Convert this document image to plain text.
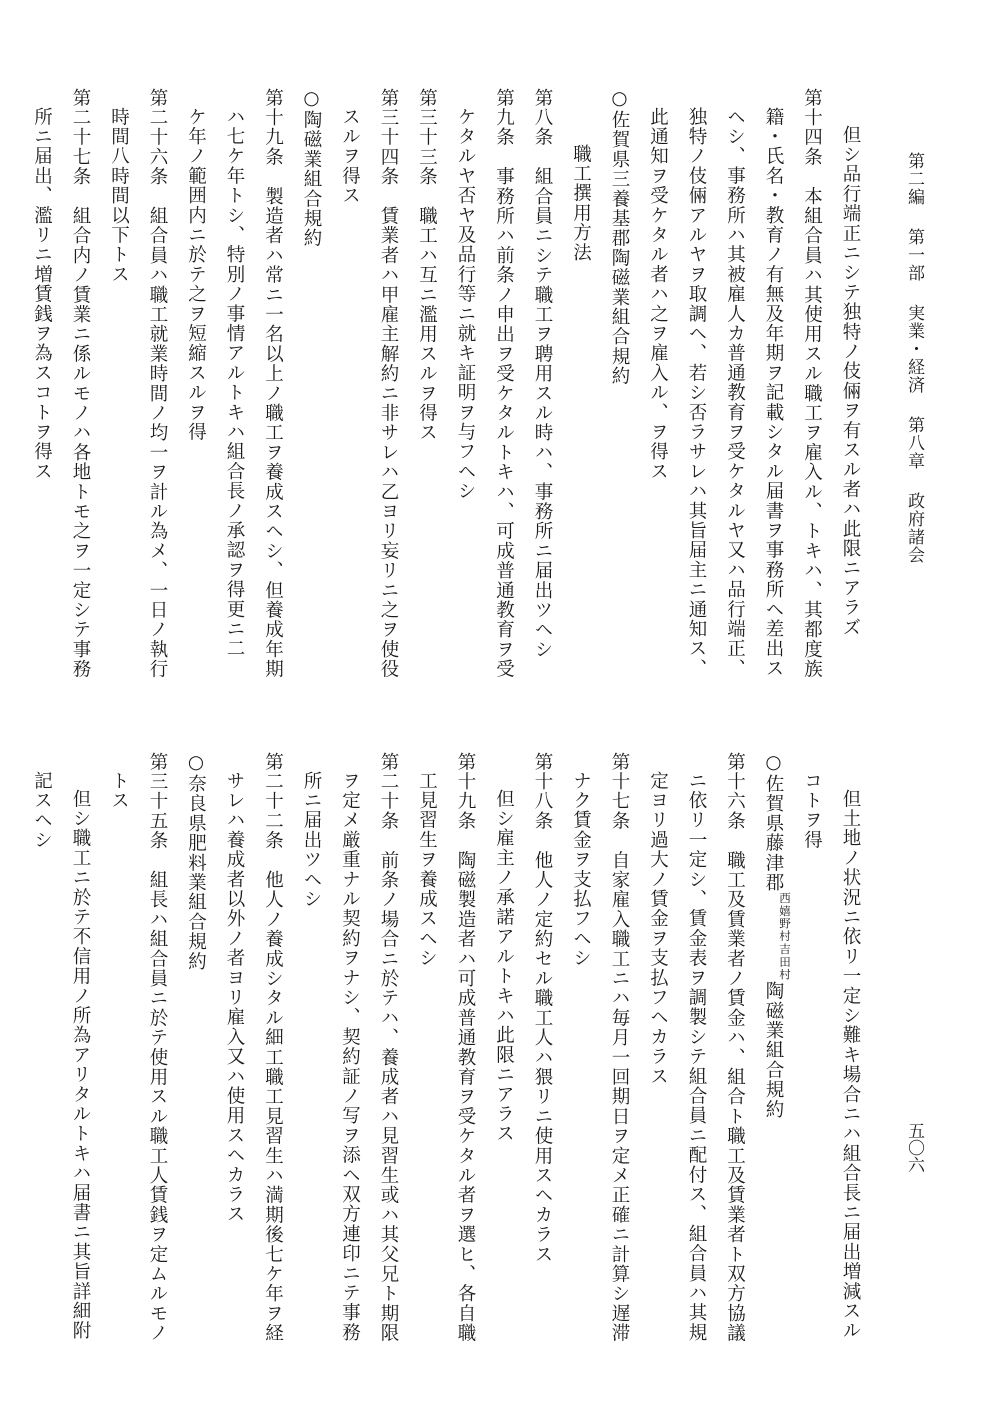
第二編第一部実業・経済第八章政府諸会
五〇六
但シ品行端正ニシテ独特ノ伎倆ヲ有スル者ハ此限ニアラズ
第十四条　本組合員ハ其使用スル職工ヲ雇入ル、トキハ、其都度族
籍・氏名・教育ノ有無及年期ヲ記載シタル届書ヲ事務所ヘ差出ス
ヘシ、事務所ハ其被雇人カ普通教育ヲ受ケタルヤ又ハ品行端正、
独特ノ伎倆アルヤヲ取調ヘ、若シ否ラサレハ其旨届主ニ通知ス、
此通知ヲ受ケタル者ハ之ヲ雇入ル、ヲ得ス
○佐賀県三養基郡陶磁業組合規約
職工撰用方法
第八条　組合員ニシテ職工ヲ聘用スル時ハ、事務所ニ届出ツヘシ
第九条　事務所ハ前条ノ申出ヲ受ケタルトキハ、可成普通教育ヲ受
ケタルヤ否ヤ及品行等ニ就キ証明ヲ与フヘシ
第三十三条　職工ハ互ニ濫用スルヲ得ス
第三十四条　賃業者ハ甲雇主解約ニ非サレハ乙ヨリ妄リニ之ヲ使役
スルヲ得ス
○陶磁業組合規約
第十九条　製造者ハ常ニ一名以上ノ職工ヲ養成スヘシ、但養成年期
ハ七ケ年トシ、特別ノ事情アルトキハ組合長ノ承認ヲ得更ニ二
ケ年ノ範囲内ニ於テ之ヲ短縮スルヲ得
第二十六条　組合員ハ職工就業時間ノ均一ヲ計ル為メ、一日ノ執行
時間八時間以下トス
第二十七条　組合内ノ賃業ニ係ルモノハ各地トモ之ヲ一定シテ事務
所ニ届出、濫リニ増賃銭ヲ為スコトヲ得ス
但土地ノ状況ニ依リ一定シ難キ場合ニハ組合長ニ届出増減スル
コトヲ得
○佐賀県藤津郡
吉田村
西嬉野村
陶磁業組合規約
第十六条　職工及賃業者ノ賃金ハ、組合ト職工及賃業者ト双方協議
ニ依リ一定シ、賃金表ヲ調製シテ組合員ニ配付ス、組合員ハ其規
定ヨリ過大ノ賃金ヲ支払フヘカラス
第十七条　自家雇入職工ニハ毎月一回期日ヲ定メ正確ニ計算シ遅滞
ナク賃金ヲ支払フヘシ
第十八条　他人ノ定約セル職工人ハ猥リニ使用スヘカラス
但シ雇主ノ承諾アルトキハ此限ニアラス
第十九条　陶磁製造者ハ可成普通教育ヲ受ケタル者ヲ選ヒ、各自職
工見習生ヲ養成スヘシ
第二十条　前条ノ場合ニ於テハ、養成者ハ見習生或ハ其父兄ト期限
ヲ定メ厳重ナル契約ヲナシ、契約証ノ写ヲ添ヘ双方連印ニテ事務
所ニ届出ツヘシ
第二十二条　他人ノ養成シタル細工職工見習生ハ満期後七ケ年ヲ経
サレハ養成者以外ノ者ヨリ雇入又ハ使用スヘカラス
○奈良県肥料業組合規約
第三十五条　組長ハ組合員ニ於テ使用スル職工人賃銭ヲ定ムルモノ
トス
但シ職工ニ於テ不信用ノ所為アリタルトキハ届書ニ其旨詳細附
記スヘシ
